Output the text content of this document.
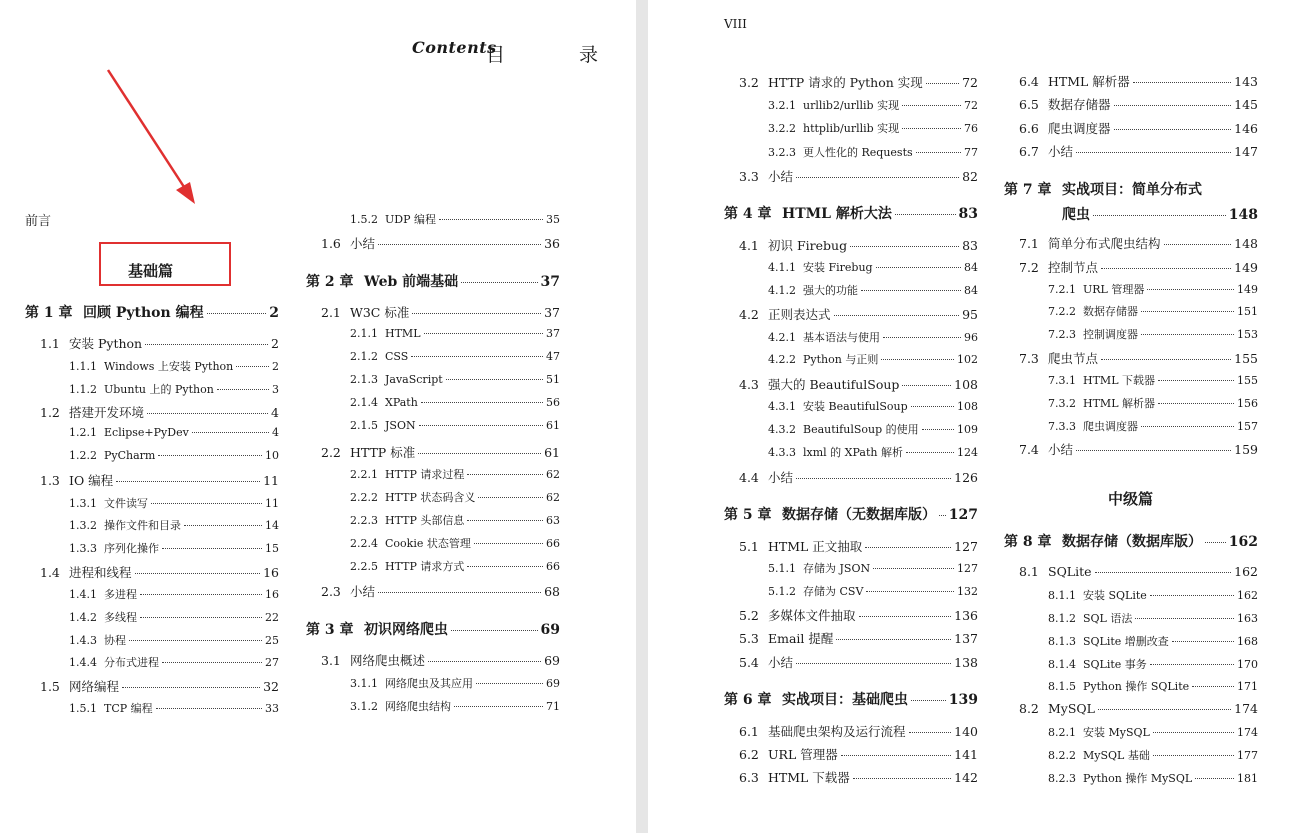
Contents
目 录
前言
基础篇
第 1 章 回顾 Python 编程	2
1.1 安装 Python	2
1.1.1 Windows 上安装 Python	2
1.1.2 Ubuntu 上的 Python	3
1.2 搭建开发环境	4
1.2.1 Eclipse+PyDev	4
1.2.2 PyCharm	10
1.3 IO 编程	11
1.3.1 文件读写	11
1.3.2 操作文件和目录	14
1.3.3 序列化操作	15
1.4 进程和线程	16
1.4.1 多进程	16
1.4.2 多线程	22
1.4.3 协程	25
1.4.4 分布式进程	27
1.5 网络编程	32
1.5.1 TCP 编程	33
1.5.2 UDP 编程	35
1.6 小结	36
第 2 章 Web 前端基础	37
2.1 W3C 标准	37
2.1.1 HTML	37
2.1.2 CSS	47
2.1.3 JavaScript	51
2.1.4 XPath	56
2.1.5 JSON	61
2.2 HTTP 标准	61
2.2.1 HTTP 请求过程	62
2.2.2 HTTP 状态码含义	62
2.2.3 HTTP 头部信息	63
2.2.4 Cookie 状态管理	66
2.2.5 HTTP 请求方式	66
2.3 小结	68
第 3 章 初识网络爬虫	69
3.1 网络爬虫概述	69
3.1.1 网络爬虫及其应用	69
3.1.2 网络爬虫结构	71
VIII
中级篇
3.2 HTTP 请求的 Python 实现	72
3.2.1 urllib2/urllib 实现	72
3.2.2 httplib/urllib 实现	76
3.2.3 更人性化的 Requests	77
3.3 小结	82
第 4 章 HTML 解析大法	83
4.1 初识 Firebug	83
4.1.1 安装 Firebug	84
4.1.2 强大的功能	84
4.2 正则表达式	95
4.2.1 基本语法与使用	96
4.2.2 Python 与正则	102
4.3 强大的 BeautifulSoup	108
4.3.1 安装 BeautifulSoup	108
4.3.2 BeautifulSoup 的使用	109
4.3.3 lxml 的 XPath 解析	124
4.4 小结	126
第 5 章 数据存储（无数据库版） 127
5.1 HTML 正文抽取	127
5.1.1 存储为 JSON	127
5.1.2 存储为 CSV	132
5.2 多媒体文件抽取	136
5.3 Email 提醒	137
5.4 小结	138
第 6 章 实战项目：基础爬虫	139
6.1 基础爬虫架构及运行流程	140
6.2 URL 管理器	141
6.3 HTML 下载器	142
6.4 HTML 解析器	143
6.5 数据存储器	145
6.6 爬虫调度器	146
6.7 小结	147
第 7 章 实战项目：简单分布式
爬虫	148
7.1 简单分布式爬虫结构	148
7.2 控制节点	149
7.2.1 URL 管理器	149
7.2.2 数据存储器	151
7.2.3 控制调度器	153
7.3 爬虫节点	155
7.3.1 HTML 下载器	155
7.3.2 HTML 解析器	156
7.3.3 爬虫调度器	157
7.4 小结	159
第 8 章 数据存储（数据库版） 162
8.1 SQLite	162
8.1.1 安装 SQLite	162
8.1.2 SQL 语法	163
8.1.3 SQLite 增删改查	168
8.1.4 SQLite 事务	170
8.1.5 Python 操作 SQLite	171
8.2 MySQL	174
8.2.1 安装 MySQL	174
8.2.2 MySQL 基础	177
8.2.3 Python 操作 MySQL	181
